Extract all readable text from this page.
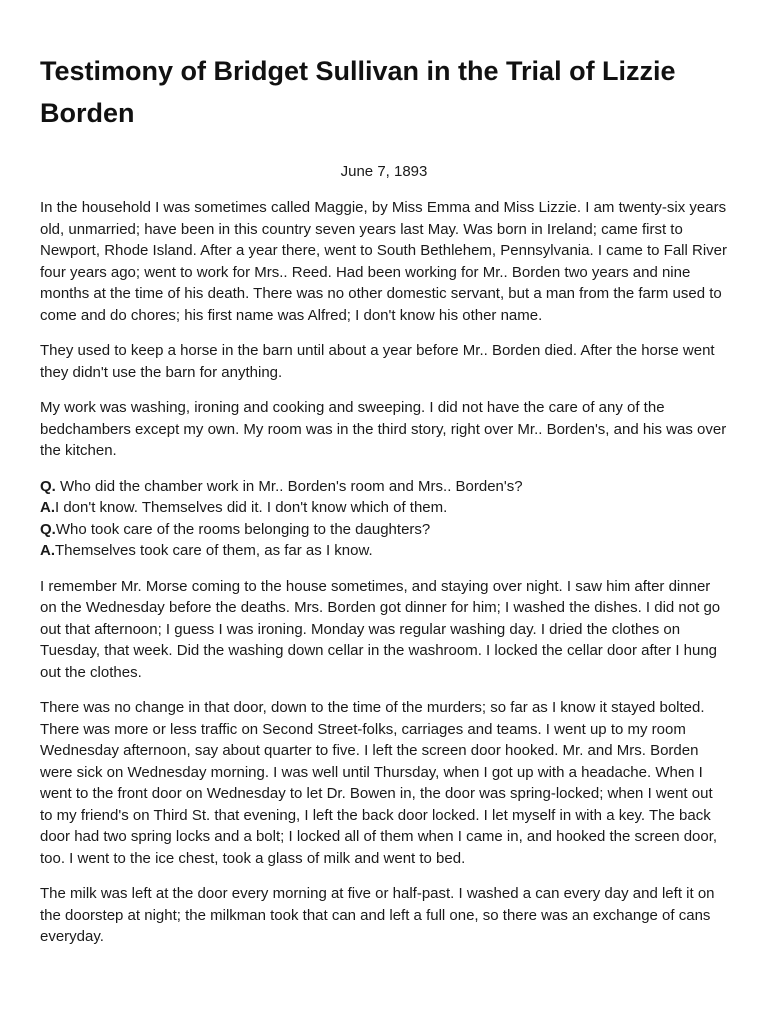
Testimony of Bridget Sullivan in the Trial of Lizzie Borden
June 7, 1893

In the household I was sometimes called Maggie, by Miss Emma and Miss Lizzie. I am twenty-six years old, unmarried; have been in this country seven years last May. Was born in Ireland; came first to Newport, Rhode Island. After a year there, went to South Bethlehem, Pennsylvania. I came to Fall River four years ago; went to work for Mrs.. Reed. Had been working for Mr.. Borden two years and nine months at the time of his death. There was no other domestic servant, but a man from the farm used to come and do chores; his first name was Alfred; I don't know his other name.

They used to keep a horse in the barn until about a year before Mr.. Borden died. After the horse went they didn't use the barn for anything.

My work was washing, ironing and cooking and sweeping. I did not have the care of any of the bedchambers except my own. My room was in the third story, right over Mr.. Borden's, and his was over the kitchen.

Q. Who did the chamber work in Mr.. Borden's room and Mrs.. Borden's?
A.I don't know. Themselves did it. I don't know which of them.
Q.Who took care of the rooms belonging to the daughters?
A.Themselves took care of them, as far as I know.

I remember Mr. Morse coming to the house sometimes, and staying over night. I saw him after dinner on the Wednesday before the deaths. Mrs. Borden got dinner for him; I washed the dishes. I did not go out that afternoon; I guess I was ironing. Monday was regular washing day. I dried the clothes on Tuesday, that week. Did the washing down cellar in the washroom. I locked the cellar door after I hung out the clothes.

There was no change in that door, down to the time of the murders; so far as I know it stayed bolted. There was more or less traffic on Second Street-folks, carriages and teams. I went up to my room Wednesday afternoon, say about quarter to five. I left the screen door hooked. Mr. and Mrs. Borden were sick on Wednesday morning. I was well until Thursday, when I got up with a headache. When I went to the front door on Wednesday to let Dr. Bowen in, the door was spring-locked; when I went out to my friend's on Third St. that evening, I left the back door locked. I let myself in with a key. The back door had two spring locks and a bolt; I locked all of them when I came in, and hooked the screen door, too. I went to the ice chest, took a glass of milk and went to bed.

The milk was left at the door every morning at five or half-past. I washed a can every day and left it on the doorstep at night; the milkman took that can and left a full one, so there was an exchange of cans everyday.
